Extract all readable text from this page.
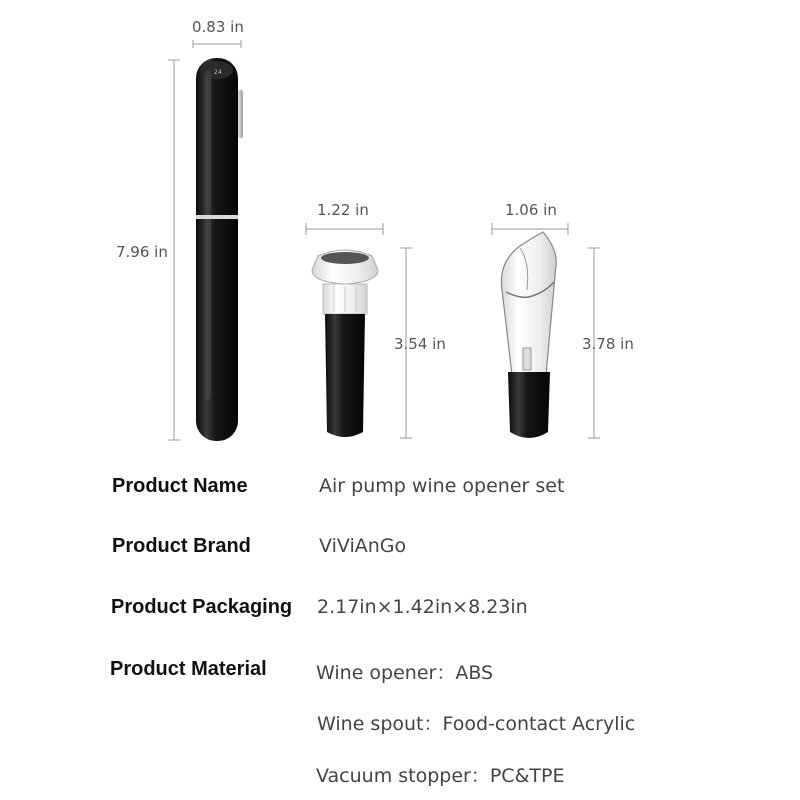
24
0.83 in
7.96 in
1.22 in
3.54 in
1.06 in
3.78 in
Product Name	Air pump wine opener set
Product Brand	ViViAnGo
Product Packaging 2.17in×1.42in×8.23in
Product Material	Wine opener：ABS
Wine spout：Food-contact Acrylic
Vacuum stopper：PC&TPE
